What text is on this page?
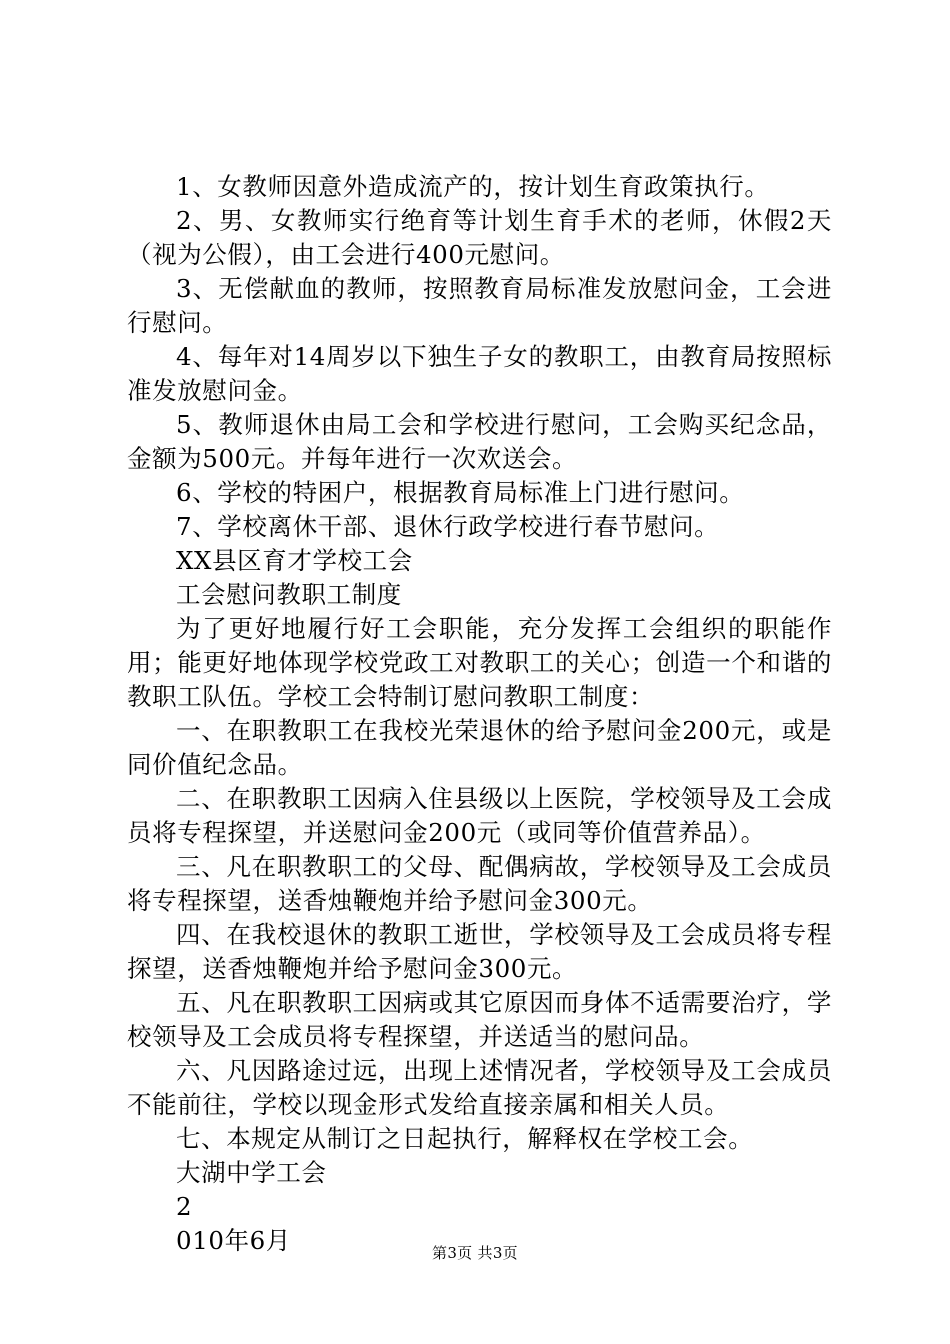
1、女教师因意外造成流产的，按计划生育政策执行。

2、男、女教师实行绝育等计划生育手术的老师，休假2天（视为公假），由工会进行400元慰问。

3、无偿献血的教师，按照教育局标准发放慰问金，工会进行慰问。

4、每年对14周岁以下独生子女的教职工，由教育局按照标准发放慰问金。

5、教师退休由局工会和学校进行慰问，工会购买纪念品，金额为500元。并每年进行一次欢送会。

6、学校的特困户，根据教育局标准上门进行慰问。

7、学校离休干部、退休行政学校进行春节慰问。

XX县区育才学校工会

工会慰问教职工制度

为了更好地履行好工会职能，充分发挥工会组织的职能作用；能更好地体现学校党政工对教职工的关心；创造一个和谐的教职工队伍。学校工会特制订慰问教职工制度：

一、在职教职工在我校光荣退休的给予慰问金200元，或是同价值纪念品。

二、在职教职工因病入住县级以上医院，学校领导及工会成员将专程探望，并送慰问金200元（或同等价值营养品）。

三、凡在职教职工的父母、配偶病故，学校领导及工会成员将专程探望，送香烛鞭炮并给予慰问金300元。

四、在我校退休的教职工逝世，学校领导及工会成员将专程探望，送香烛鞭炮并给予慰问金300元。

五、凡在职教职工因病或其它原因而身体不适需要治疗，学校领导及工会成员将专程探望，并送适当的慰问品。

六、凡因路途过远，出现上述情况者，学校领导及工会成员不能前往，学校以现金形式发给直接亲属和相关人员。

七、本规定从制订之日起执行，解释权在学校工会。

大湖中学工会

2

010年6月	第3页 共3页
